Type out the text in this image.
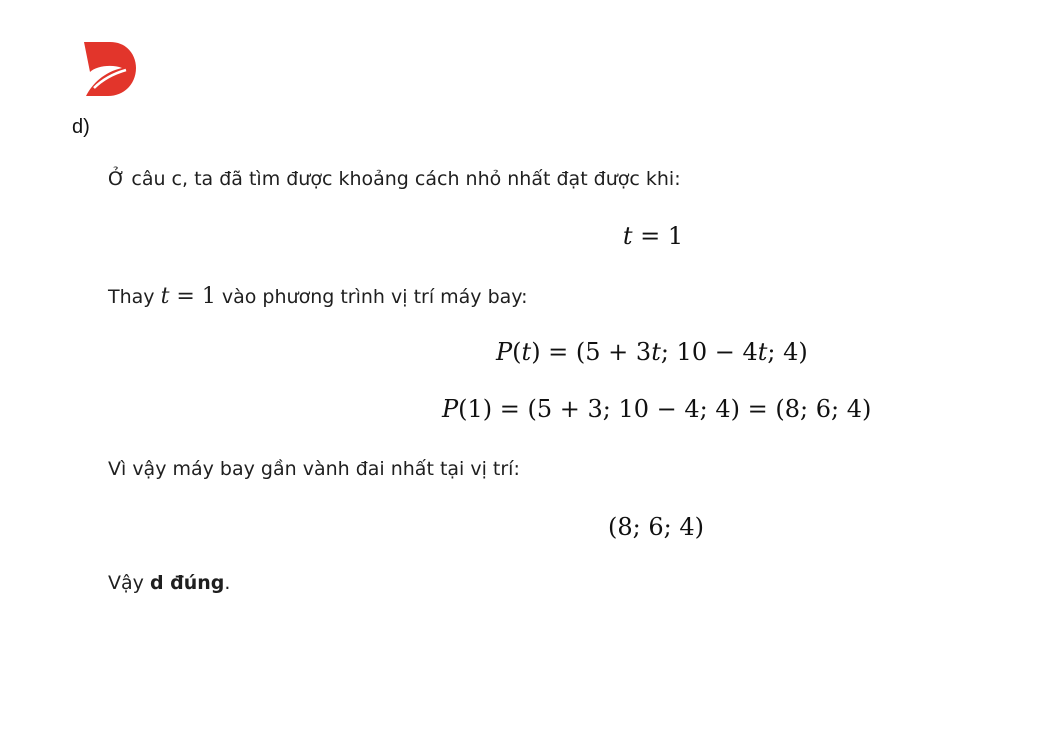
d)
Ở câu c, ta đã tìm được khoảng cách nhỏ nhất đạt được khi:
t = 1
Thay t = 1 vào phương trình vị trí máy bay:
P(t) = (5 + 3t; 10 − 4t; 4)
P(1) = (5 + 3; 10 − 4; 4) = (8; 6; 4)
Vì vậy máy bay gần vành đai nhất tại vị trí:
(8; 6; 4)
Vậy d đúng.
